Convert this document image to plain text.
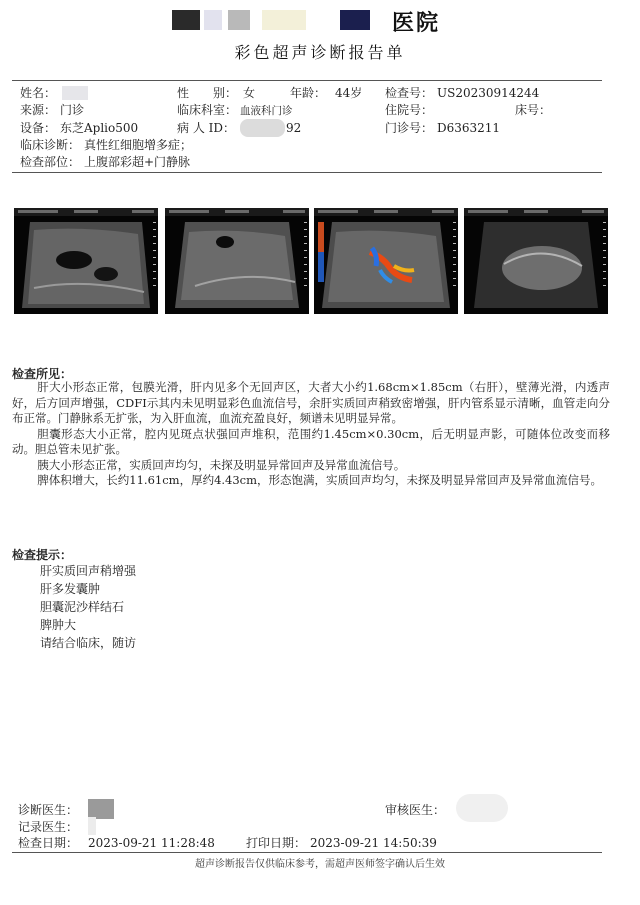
医院
彩色超声诊断报告单
姓名：	性　　别： 女	年龄： 44岁 检查号： US20230914244
来源： 门诊	临床科室： 血液科门诊	住院号：	床号：
设备： 东芝Aplio500	病 人 ID：	92	门诊号： D6363211
临床诊断： 真性红细胞增多症；
检查部位： 上腹部彩超+门静脉
检查所见：

肝大小形态正常，包膜光滑，肝内见多个无回声区，大者大小约1.68cm×1.85cm（右肝），壁薄光滑，内透声好，后方回声增强，CDFI示其内未见明显彩色血流信号，余肝实质回声稍致密增强，肝内管系显示清晰，血管走向分布正常。门静脉系无扩张，为入肝血流，血流充盈良好，频谱未见明显异常。

胆囊形态大小正常，腔内见斑点状强回声堆积，范围约1.45cm×0.30cm，后无明显声影，可随体位改变而移动。胆总管未见扩张。

胰大小形态正常，实质回声均匀，未探及明显异常回声及异常血流信号。

脾体积增大，长约11.61cm，厚约4.43cm，形态饱满，实质回声均匀，未探及明显异常回声及异常血流信号。

检查提示：
肝实质回声稍增强
肝多发囊肿
胆囊泥沙样结石
脾肿大
请结合临床，随访
诊断医生：	审核医生：
记录医生：
检查日期： 2023-09-21 11:28:48	打印日期： 2023-09-21 14:50:39
超声诊断报告仅供临床参考，需超声医师签字确认后生效
